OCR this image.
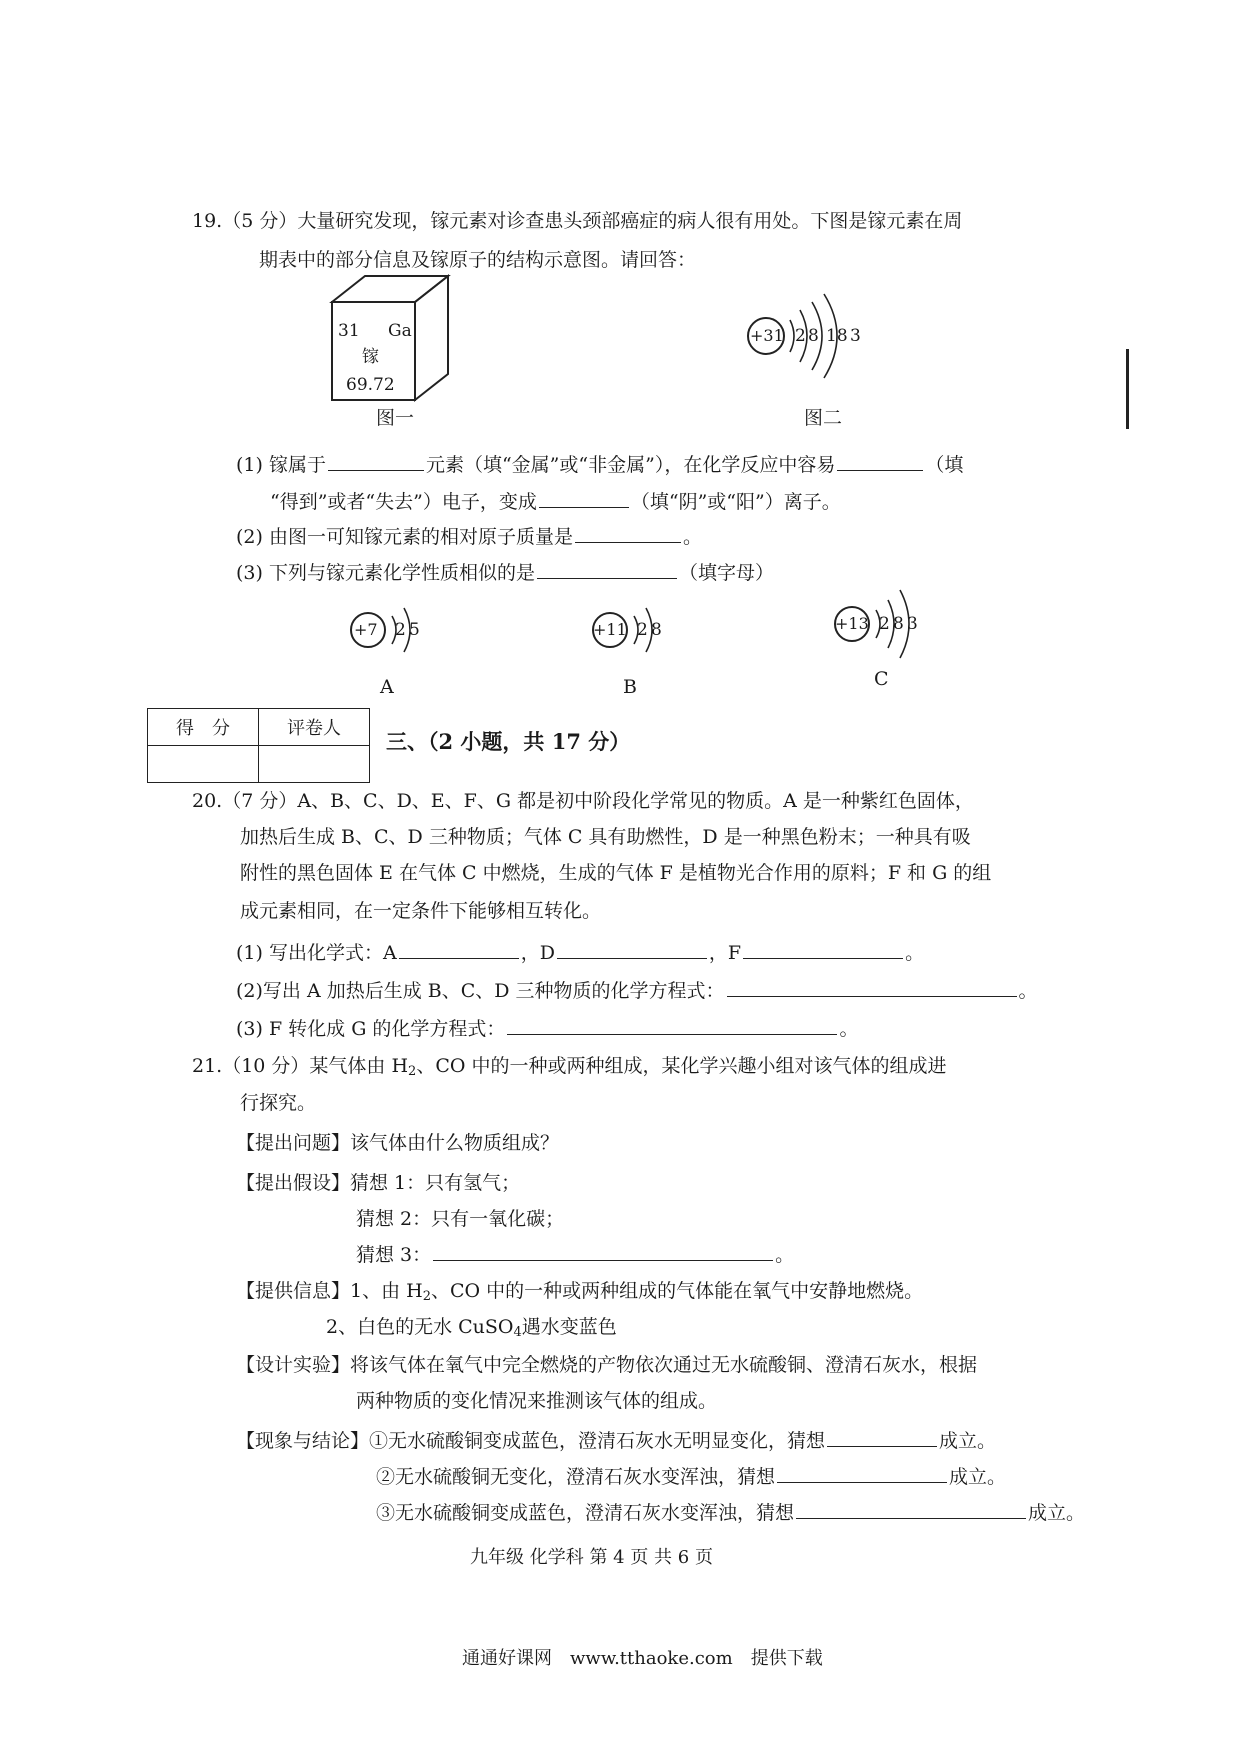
19.（5 分）大量研究发现，镓元素对诊查患头颈部癌症的病人很有用处。下图是镓元素在周
期表中的部分信息及镓原子的结构示意图。请回答：
31 Ga
镓
69.72
图一
+31 2 8 18 3
图二
(1) 镓属于	元素（填“金属”或“非金属”），在化学反应中容易	（填
“得到”或者“失去”）电子，变成	（填“阴”或“阳”）离子。
(2) 由图一可知镓元素的相对原子质量是	。
(3) 下列与镓元素化学性质相似的是	（填字母）
+7 2 5
A
+11 2 8
B
+13 2 8 3
C
得　分	评卷人

三、（2 小题，共 17 分）
20.（7 分）A、B、C、D、E、F、G 都是初中阶段化学常见的物质。A 是一种紫红色固体，
加热后生成 B、C、D 三种物质；气体 C 具有助燃性，D 是一种黑色粉末；一种具有吸
附性的黑色固体 E 在气体 C 中燃烧，生成的气体 F 是植物光合作用的原料；F 和 G 的组
成元素相同，在一定条件下能够相互转化。
(1) 写出化学式：A	，D	，F	。
(2)写出 A 加热后生成 B、C、D 三种物质的化学方程式：	。
(3) F 转化成 G 的化学方程式：	。
21.（10 分）某气体由 $H_2$、CO 中的一种或两种组成，某化学兴趣小组对该气体的组成进
行探究。
【提出问题】该气体由什么物质组成？
【提出假设】猜想 1：只有氢气；
猜想 2：只有一氧化碳；
猜想 3：	。
【提供信息】1、由 $H_2$、CO 中的一种或两种组成的气体能在氧气中安静地燃烧。
2、白色的无水 CuSO$_4$遇水变蓝色
【设计实验】将该气体在氧气中完全燃烧的产物依次通过无水硫酸铜、澄清石灰水，根据
两种物质的变化情况来推测该气体的组成。
【现象与结论】①无水硫酸铜变成蓝色，澄清石灰水无明显变化，猜想	成立。
②无水硫酸铜无变化，澄清石灰水变浑浊，猜想	成立。
③无水硫酸铜变成蓝色，澄清石灰水变浑浊，猜想	成立。
九年级 化学科 第 4 页 共 6 页
通通好课网　www.tthaoke.com　提供下载
